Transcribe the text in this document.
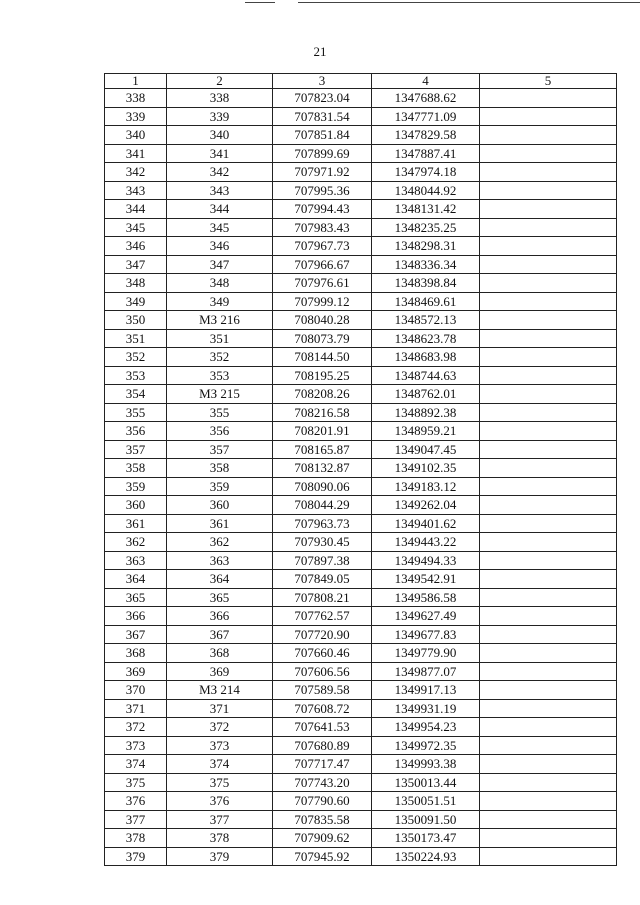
21
1	2	3	4	5
338	338	707823.04	1347688.62	
339	339	707831.54	1347771.09	
340	340	707851.84	1347829.58	
341	341	707899.69	1347887.41	
342	342	707971.92	1347974.18	
343	343	707995.36	1348044.92	
344	344	707994.43	1348131.42	
345	345	707983.43	1348235.25	
346	346	707967.73	1348298.31	
347	347	707966.67	1348336.34	
348	348	707976.61	1348398.84	
349	349	707999.12	1348469.61	
350	МЗ 216	708040.28	1348572.13	
351	351	708073.79	1348623.78	
352	352	708144.50	1348683.98	
353	353	708195.25	1348744.63	
354	МЗ 215	708208.26	1348762.01	
355	355	708216.58	1348892.38	
356	356	708201.91	1348959.21	
357	357	708165.87	1349047.45	
358	358	708132.87	1349102.35	
359	359	708090.06	1349183.12	
360	360	708044.29	1349262.04	
361	361	707963.73	1349401.62	
362	362	707930.45	1349443.22	
363	363	707897.38	1349494.33	
364	364	707849.05	1349542.91	
365	365	707808.21	1349586.58	
366	366	707762.57	1349627.49	
367	367	707720.90	1349677.83	
368	368	707660.46	1349779.90	
369	369	707606.56	1349877.07	
370	МЗ 214	707589.58	1349917.13	
371	371	707608.72	1349931.19	
372	372	707641.53	1349954.23	
373	373	707680.89	1349972.35	
374	374	707717.47	1349993.38	
375	375	707743.20	1350013.44	
376	376	707790.60	1350051.51	
377	377	707835.58	1350091.50	
378	378	707909.62	1350173.47	
379	379	707945.92	1350224.93	
